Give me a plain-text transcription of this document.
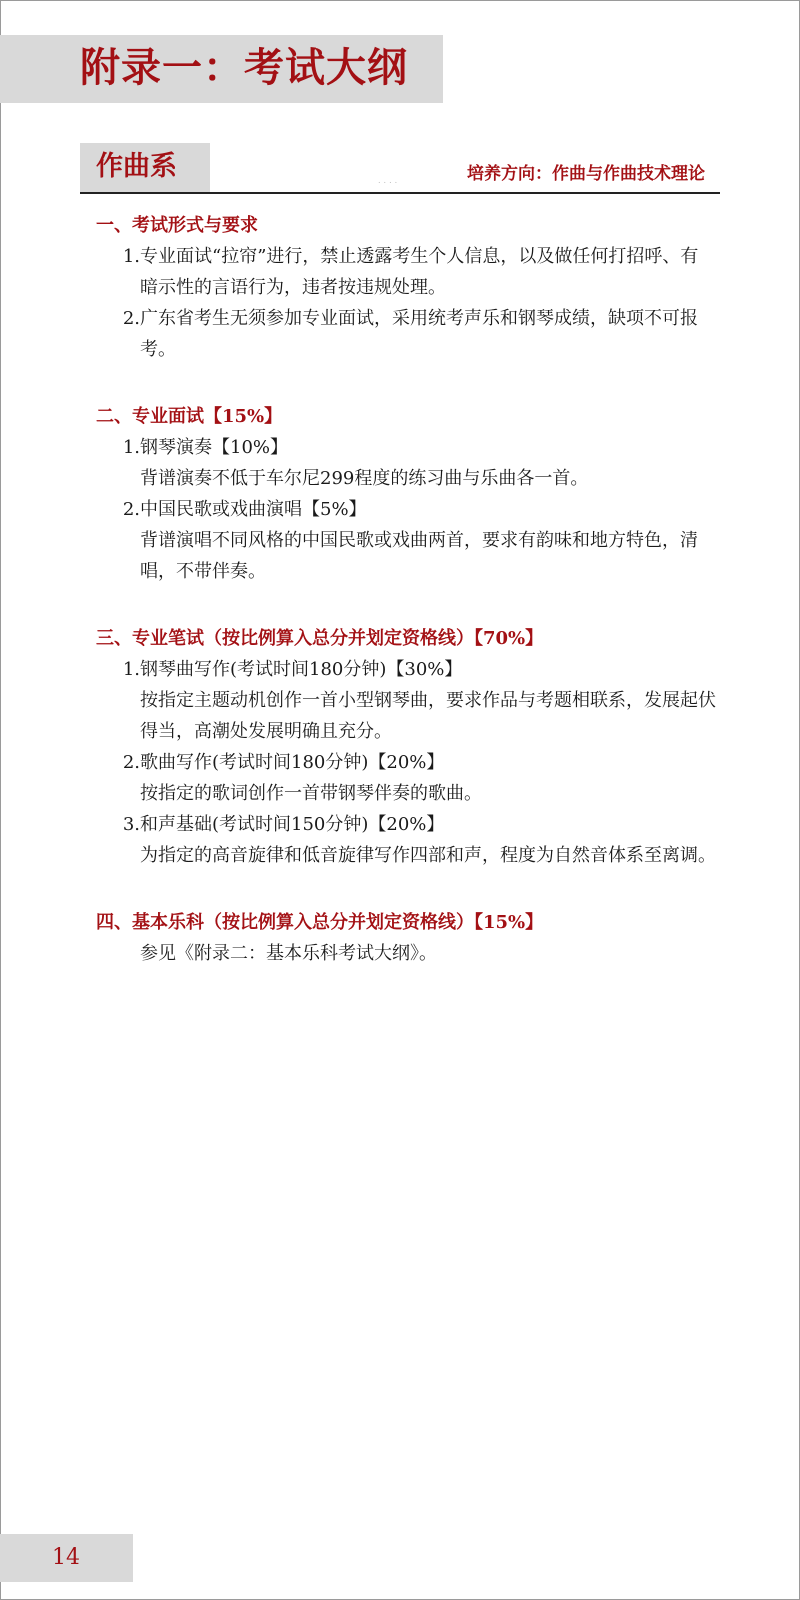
附录一：考试大纲
作曲系	....	培养方向：作曲与作曲技术理论
一、考试形式与要求
1. 专业面试“拉帘”进行，禁止透露考生个人信息，以及做任何打招呼、有暗示性的言语行为，违者按违规处理。
2. 广东省考生无须参加专业面试，采用统考声乐和钢琴成绩，缺项不可报考。
二、专业面试【15%】
1. 钢琴演奏【10%】
背谱演奏不低于车尔尼299程度的练习曲与乐曲各一首。
2. 中国民歌或戏曲演唱【5%】
背谱演唱不同风格的中国民歌或戏曲两首，要求有韵味和地方特色，清唱，不带伴奏。
三、专业笔试（按比例算入总分并划定资格线）【70%】
1. 钢琴曲写作(考试时间180分钟)【30%】
按指定主题动机创作一首小型钢琴曲，要求作品与考题相联系，发展起伏得当，高潮处发展明确且充分。
2. 歌曲写作(考试时间180分钟)【20%】
按指定的歌词创作一首带钢琴伴奏的歌曲。
3. 和声基础(考试时间150分钟)【20%】
为指定的高音旋律和低音旋律写作四部和声，程度为自然音体系至离调。
四、基本乐科（按比例算入总分并划定资格线）【15%】
参见《附录二：基本乐科考试大纲》。
14
